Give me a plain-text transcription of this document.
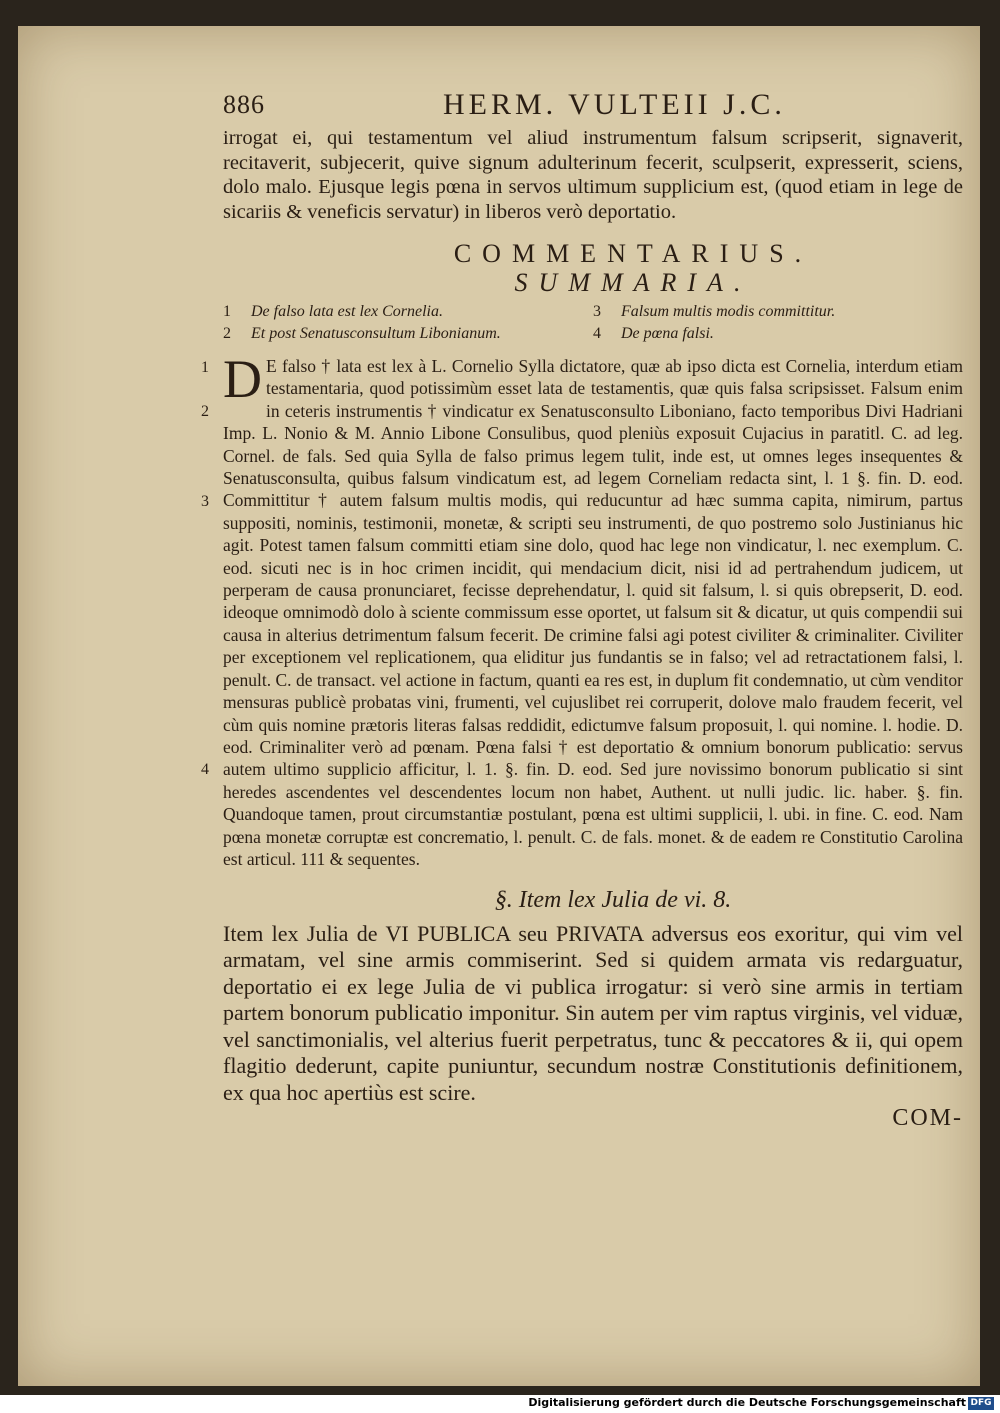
886	HERM. VULTEII J.C.
irrogat ei, qui testamentum vel aliud instrumentum falsum scripserit, signaverit, recitaverit, subjecerit, quive signum adulterinum fecerit, sculpserit, expresserit, sciens, dolo malo. Ejusque legis pœna in servos ultimum supplicium est, (quod etiam in lege de sicariis & veneficis servatur) in liberos verò deportatio.
COMMENTARIUS.
SUMMARIA.
1 De falso lata est lex Cornelia.
2 Et post Senatusconsultum Libonianum.
3 Falsum multis modis committitur.
4 De pœna falsi.
1
2
3
4
D E falso † lata est lex à L. Cornelio Sylla dictatore, quæ ab ipso dicta est Cornelia, interdum etiam testamentaria, quod potissimùm esset lata de testamentis, quæ quis falsa scripsisset. Falsum enim in ceteris instrumentis † vindicatur ex Senatusconsulto Liboniano, facto temporibus Divi Hadriani Imp. L. Nonio & M. Annio Libone Consulibus, quod pleniùs exposuit Cujacius in paratitl. C. ad leg. Cornel. de fals. Sed quia Sylla de falso primus legem tulit, inde est, ut omnes leges insequentes & Senatusconsulta, quibus falsum vindicatum est, ad legem Corneliam redacta sint, l. 1 §. fin. D. eod. Committitur † autem falsum multis modis, qui reducuntur ad hæc summa capita, nimirum, partus suppositi, nominis, testimonii, monetæ, & scripti seu instrumenti, de quo postremo solo Justinianus hic agit. Potest tamen falsum committi etiam sine dolo, quod hac lege non vindicatur, l. nec exemplum. C. eod. sicuti nec is in hoc crimen incidit, qui mendacium dicit, nisi id ad pertrahendum judicem, ut perperam de causa pronunciaret, fecisse deprehendatur, l. quid sit falsum, l. si quis obrepserit, D. eod. ideoque omnimodò dolo à sciente commissum esse oportet, ut falsum sit & dicatur, ut quis compendii sui causa in alterius detrimentum falsum fecerit. De crimine falsi agi potest civiliter & criminaliter. Civiliter per exceptionem vel replicationem, qua eliditur jus fundantis se in falso; vel ad retractationem falsi, l. penult. C. de transact. vel actione in factum, quanti ea res est, in duplum fit condemnatio, ut cùm venditor mensuras publicè probatas vini, frumenti, vel cujuslibet rei corruperit, dolove malo fraudem fecerit, vel cùm quis nomine prætoris literas falsas reddidit, edictumve falsum proposuit, l. qui nomine. l. hodie. D. eod. Criminaliter verò ad pœnam. Pœna falsi † est deportatio & omnium bonorum publicatio: servus autem ultimo supplicio afficitur, l. 1. §. fin. D. eod. Sed jure novissimo bonorum publicatio si sint heredes ascendentes vel descendentes locum non habet, Authent. ut nulli judic. lic. haber. §. fin. Quandoque tamen, prout circumstantiæ postulant, pœna est ultimi supplicii, l. ubi. in fine. C. eod. Nam pœna monetæ corruptæ est concrematio, l. penult. C. de fals. monet. & de eadem re Constitutio Carolina est articul. 111 & sequentes.
§. Item lex Julia de vi. 8.
Item lex Julia de VI PUBLICA seu PRIVATA adversus eos exoritur, qui vim vel armatam, vel sine armis commiserint. Sed si quidem armata vis redarguatur, deportatio ei ex lege Julia de vi publica irrogatur: si verò sine armis in tertiam partem bonorum publicatio imponitur. Sin autem per vim raptus virginis, vel viduæ, vel sanctimonialis, vel alterius fuerit perpetratus, tunc & peccatores & ii, qui opem flagitio dederunt, capite puniuntur, secundum nostræ Constitutionis definitionem, ex qua hoc apertiùs est scire.
COM-
Digitalisierung gefördert durch die Deutsche Forschungsgemeinschaft DFG
